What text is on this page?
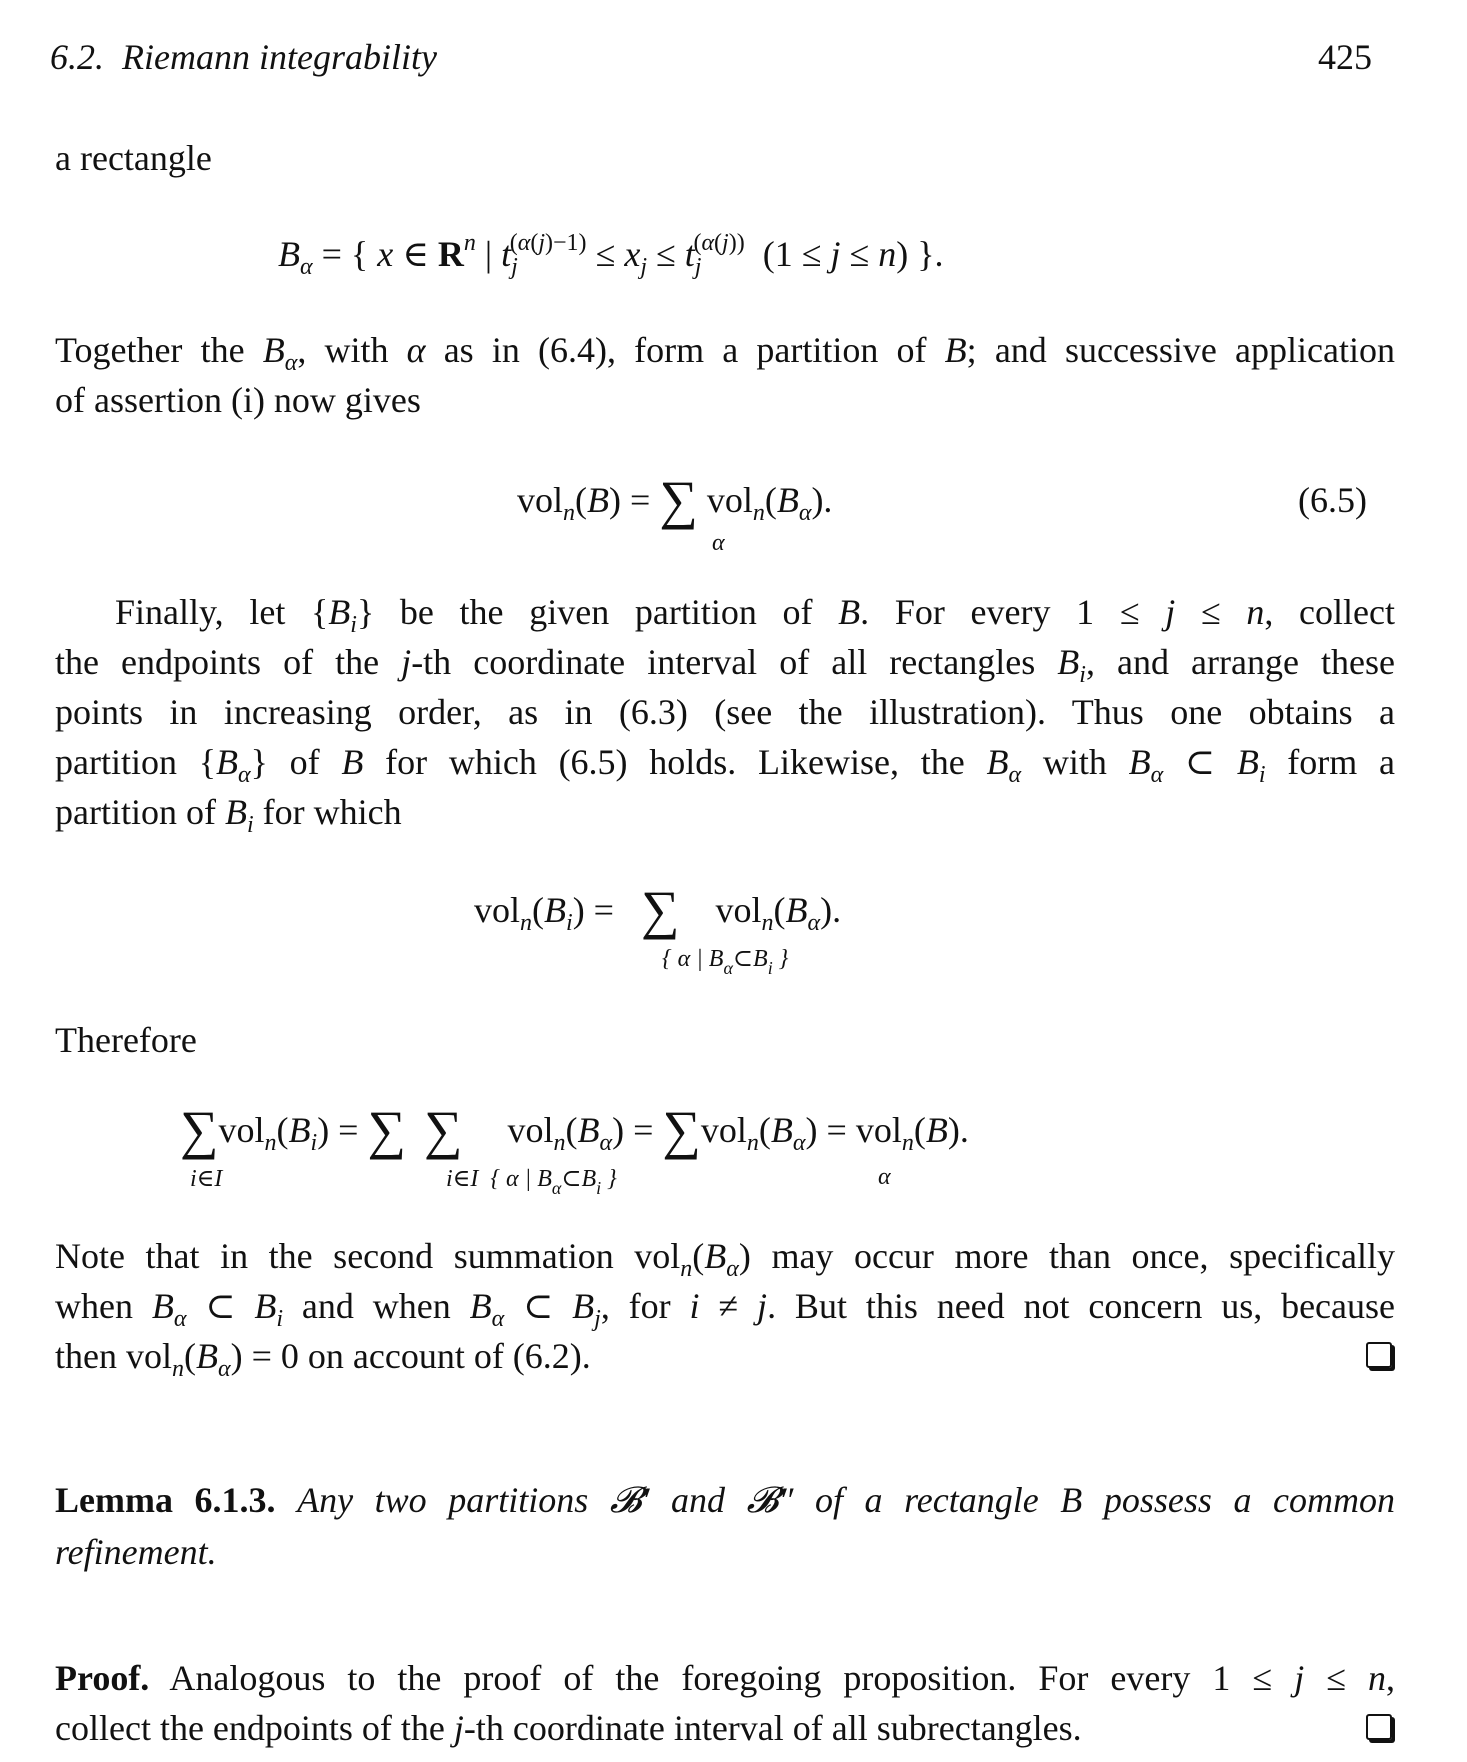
6.2. Riemann integrability	425
a rectangle
$B_\alpha$ = { x ∈ $R^n$ | $t_j^{(\alpha(j)-1)} \le x_j \le t_j^{(\alpha(j))}$  (1 ≤ j ≤ n) }.
Together the $B_\alpha$, with α as in (6.4), form a partition of B; and successive application
of assertion (i) now gives
vol$_n$(B) = ∑ $vol_n(B_\alpha)$.
α
(6.5)
Finally, let $\{B_i\}$ be the given partition of B. For every 1 ≤ j ≤ n, collect
the endpoints of the j-th coordinate interval of all rectangles $B_i$, and arrange these
points in increasing order, as in (6.3) (see the illustration). Thus one obtains a
partition $\{B_\alpha\}$ of B for which (6.5) holds. Likewise, the $B_\alpha$ with $B_\alpha$ ⊂ $B_i$ form a
partition of $B_i$ for which
$vol_n(B_i)$ =   ∑    $vol_n(B_\alpha)$.
{ α | $B_\alpha\subset B_i$ }
Therefore
$\sum vol_n(B_i)$ = ∑ ∑     $vol_n(B_\alpha) = \sum vol_n(B_\alpha) = vol_n(B)$.
i∈I	i∈I  { α | $B_\alpha\subset B_i$ }	α
Note that in the second summation $vol_n(B_\alpha)$ may occur more than once, specifically
when $B_\alpha$ ⊂ $B_i$ and when $B_\alpha$ ⊂ $B_j$, for i ≠ j. But this need not concern us, because
then $vol_n(B_\alpha) = 0$ on account of (6.2).
Lemma 6.1.3. Any two partitions 𝓑′ and 𝓑″ of a rectangle B possess a common
refinement.
Proof. Analogous to the proof of the foregoing proposition. For every 1 ≤ j ≤ n,
collect the endpoints of the j-th coordinate interval of all subrectangles.
